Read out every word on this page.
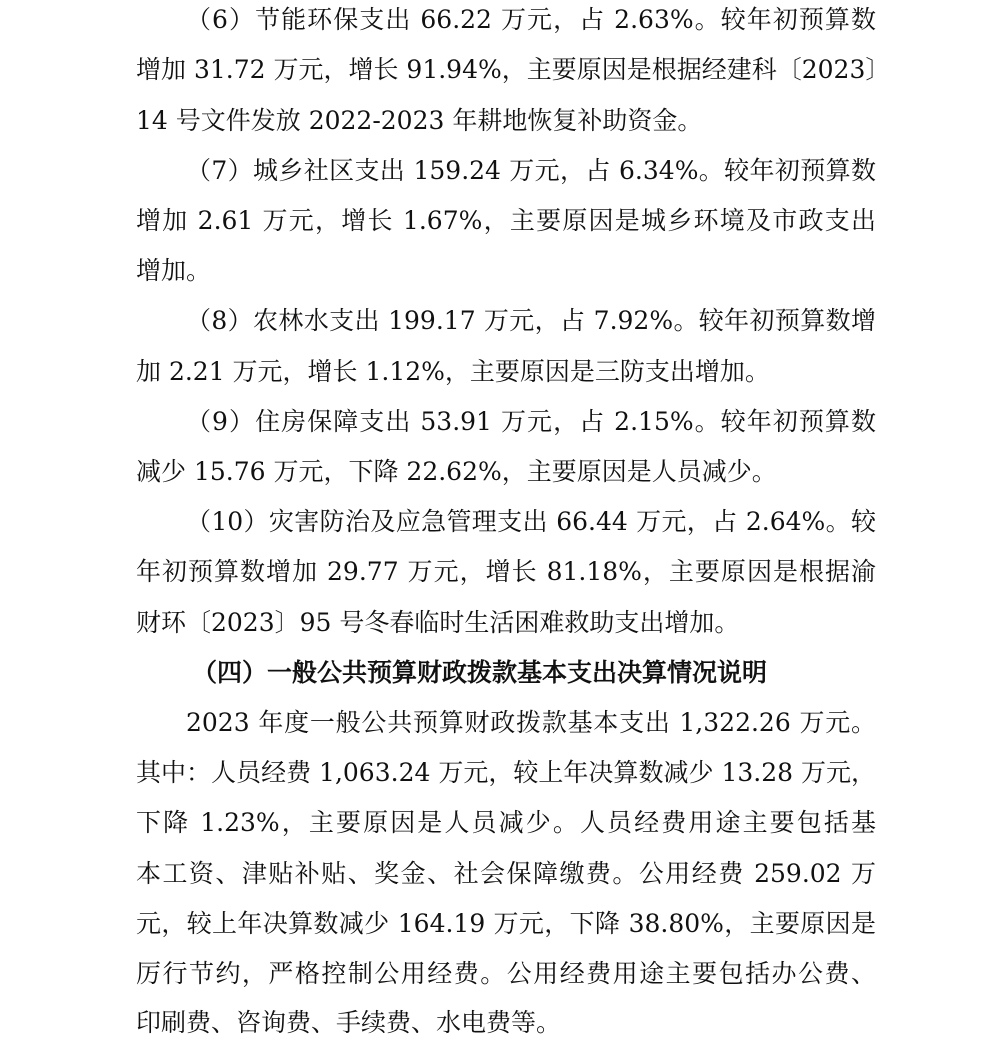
（6）节能环保支出 66.22 万元，占 2.63%。较年初预算数
增加 31.72 万元，增长 91.94%，主要原因是根据经建科〔2023〕
14 号文件发放 2022-2023 年耕地恢复补助资金。
（7）城乡社区支出 159.24 万元，占 6.34%。较年初预算数
增加 2.61 万元，增长 1.67%，主要原因是城乡环境及市政支出
增加。
（8）农林水支出 199.17 万元，占 7.92%。较年初预算数增
加 2.21 万元，增长 1.12%，主要原因是三防支出增加。
（9）住房保障支出 53.91 万元，占 2.15%。较年初预算数
减少 15.76 万元，下降 22.62%，主要原因是人员减少。
（10）灾害防治及应急管理支出 66.44 万元，占 2.64%。较
年初预算数增加 29.77 万元，增长 81.18%，主要原因是根据渝
财环〔2023〕95 号冬春临时生活困难救助支出增加。
（四）一般公共预算财政拨款基本支出决算情况说明
2023 年度一般公共预算财政拨款基本支出 1,322.26 万元。
其中：人员经费 1,063.24 万元，较上年决算数减少 13.28 万元，
下降 1.23%，主要原因是人员减少。人员经费用途主要包括基
本工资、津贴补贴、奖金、社会保障缴费。公用经费 259.02 万
元，较上年决算数减少 164.19 万元，下降 38.80%，主要原因是
厉行节约，严格控制公用经费。公用经费用途主要包括办公费、
印刷费、咨询费、手续费、水电费等。
